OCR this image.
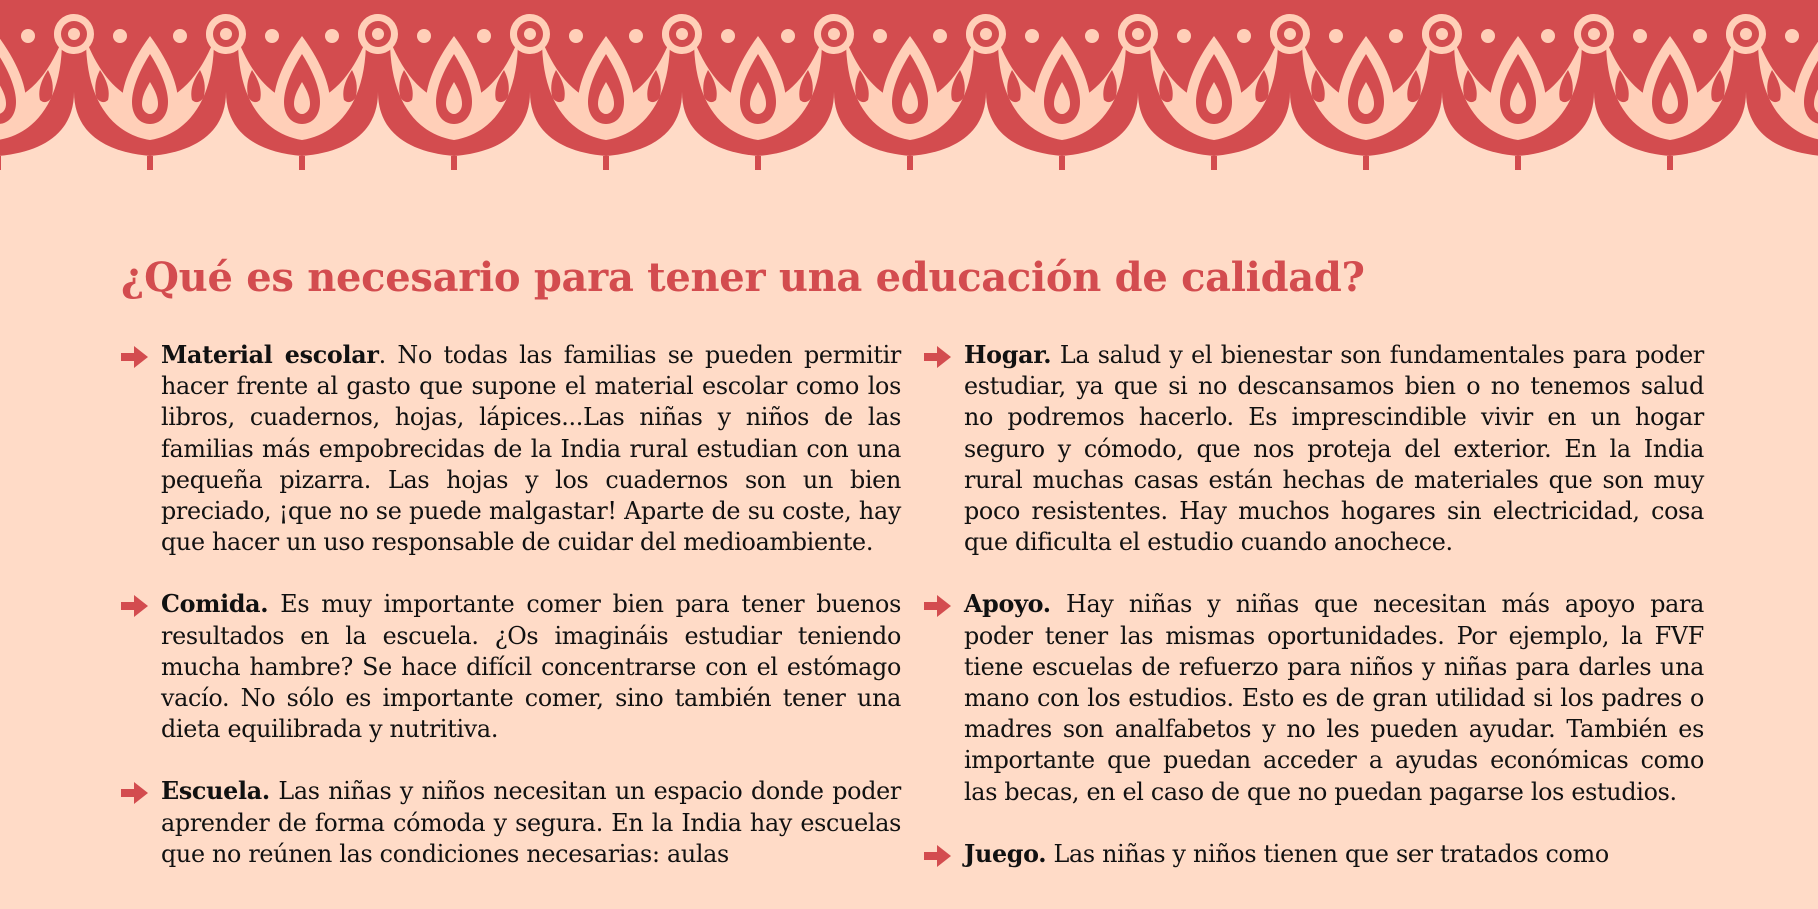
¿Qué es necesario para tener una educación de calidad?

Material escolar. No todas las familias se pueden permitir hacer frente al gasto que supone el material escolar como los libros, cuadernos, hojas, lápices...Las niñas y niños de las familias más empobrecidas de la India rural estudian con una pequeña pizarra. Las hojas y los cuadernos son un bien preciado, ¡que no se puede malgastar! Aparte de su coste, hay que hacer un uso responsable de cuidar del medioambiente.

Comida. Es muy importante comer bien para tener buenos resultados en la escuela. ¿Os imagináis estudiar teniendo mucha hambre? Se hace difícil concentrarse con el estómago vacío. No sólo es importante comer, sino también tener una dieta equilibrada y nutritiva.

Escuela. Las niñas y niños necesitan un espacio donde poder aprender de forma cómoda y segura. En la India hay escuelas que no reúnen las condiciones necesarias: aulas

Hogar. La salud y el bienestar son fundamentales para poder estudiar, ya que si no descansamos bien o no tenemos salud no podremos hacerlo. Es imprescindible vivir en un hogar seguro y cómodo, que nos proteja del exterior. En la India rural muchas casas están hechas de materiales que son muy poco resistentes. Hay muchos hogares sin electricidad, cosa que dificulta el estudio cuando anochece.

Apoyo. Hay niñas y niñas que necesitan más apoyo para poder tener las mismas oportunidades. Por ejemplo, la FVF tiene escuelas de refuerzo para niños y niñas para darles una mano con los estudios. Esto es de gran utilidad si los padres o madres son analfabetos y no les pueden ayudar. También es importante que puedan acceder a ayudas económicas como las becas, en el caso de que no puedan pagarse los estudios.

Juego. Las niñas y niños tienen que ser tratados como
